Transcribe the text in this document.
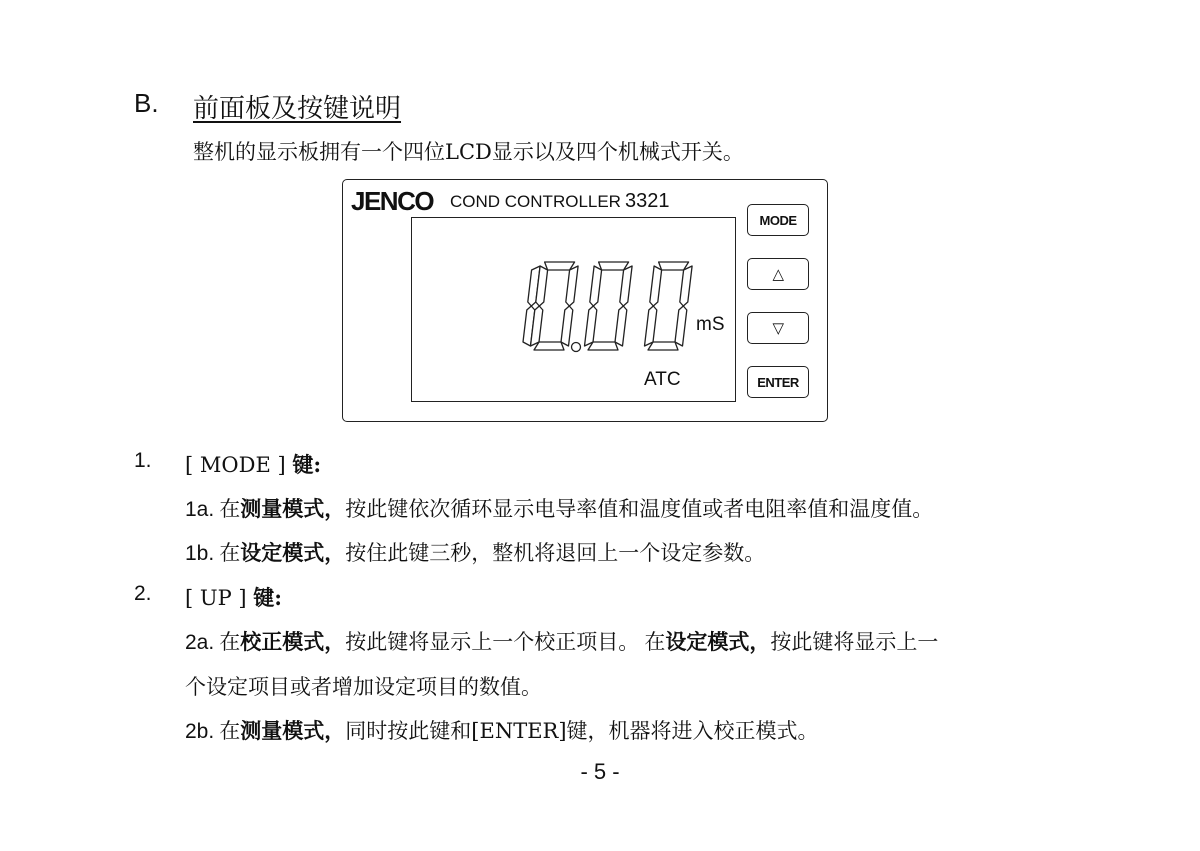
B. 前面板及按键说明
整机的显示板拥有一个四位LCD显示以及四个机械式开关。
JENCO COND CONTROLLER 3321
mS
ATC
MODE
△
▽
ENTER
1. [ MODE ] 键:
1a. 在测量模式，按此键依次循环显示电导率值和温度值或者电阻率值和温度值。
1b. 在设定模式，按住此键三秒，整机将退回上一个设定参数。
2. [ UP ] 键:
2a. 在校正模式，按此键将显示上一个校正项目。 在设定模式，按此键将显示上一
个设定项目或者增加设定项目的数值。
2b. 在测量模式，同时按此键和[ENTER]键，机器将进入校正模式。
- 5 -
